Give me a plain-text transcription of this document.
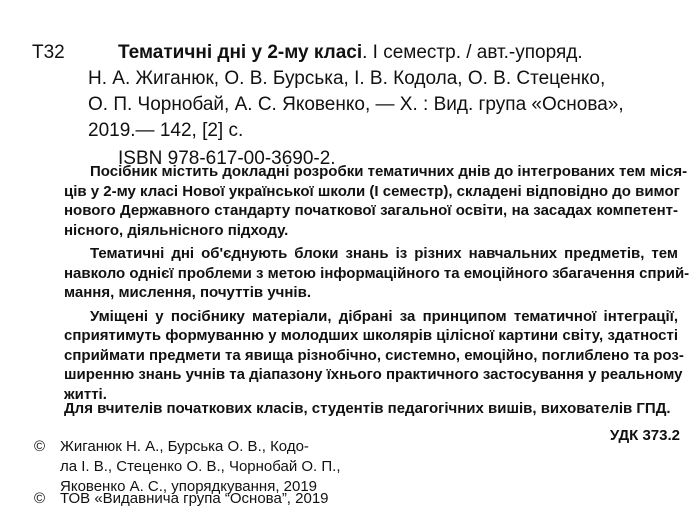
Т32	Тематичні дні у 2-му класі. І семестр. / авт.-упоряд.
Н. А. Жиганюк, О. В. Бурська, І. В. Кодола, О. В. Стеценко,
О. П. Чорнобай, А. С. Яковенко, — Х. : Вид. група «Основа»,
2019.— 142, [2] с.
ISBN 978-617-00-3690-2.
Посібник містить докладні розробки тематичних днів до інтегрованих тем міся-
ців у 2-му класі Нової української школи (І семестр), складені відповідно до вимог
нового Державного стандарту початкової загальної освіти, на засадах компетент-
нісного, діяльнісного підходу.
Тематичні дні об'єднують блоки знань із різних навчальних предметів, тем
навколо однієї проблеми з метою інформаційного та емоційного збагачення сприй-
мання, мислення, почуттів учнів.
Уміщені у посібнику матеріали, дібрані за принципом тематичної інтеграції,
сприятимуть формуванню у молодших школярів цілісної картини світу, здатності
сприймати предмети та явища різнобічно, системно, емоційно, поглиблено та роз-
ширенню знань учнів та діапазону їхнього практичного застосування у реальному
житті.
Для вчителів початкових класів, студентів педагогічних вишів, вихователів ГПД.
УДК 373.2
© Жиганюк Н. А., Бурська О. В., Кодо-
ла І. В., Стеценко О. В., Чорнобай О. П.,
Яковенко А. С., упорядкування, 2019
© ТОВ «Видавнича група “Основа”, 2019
